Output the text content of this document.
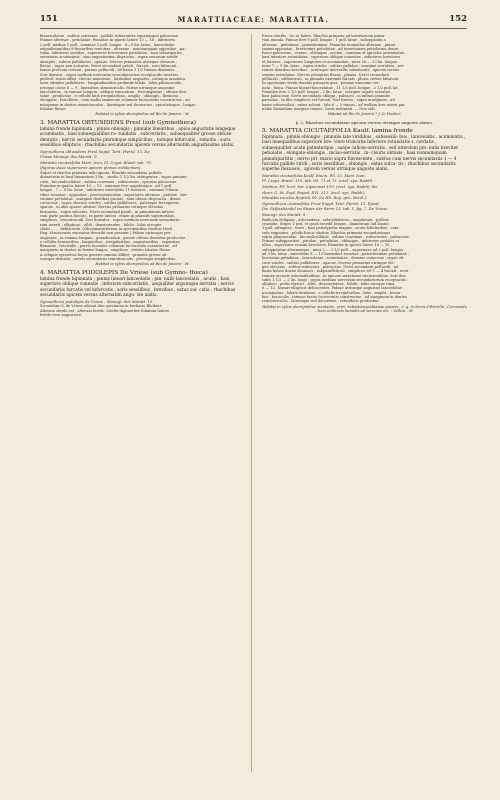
151	MARATTIACEAE: MARATTIA.	152

biauriculatae , subtus convexae , pallide rufescentes squamisque paleaceae.

Pinnae alternae , petiolatae. Pinnulae in quavis latere 13 — 16 , inferiores

2 poll. mediae 3 poll., summae 5 poll. longae , 6—9 lin. latae , lanceolatae

aequidistantibus 8-linearibus remotiae , alternae , nonnumquam oppositae , pa-

tulae, inferiores sessiles , superiores brevissime petiolatae , basi subaequales ,

serraturis acutissimis , sinu angustissimo disjunctis , supra venarum viridis

abruptis , subtus pallidiores , opacae. Nervus primarius utrinque elevatus ,

flavus , supra non sulcatus. Nervi secundarii patuli , furcati , raro bifurcati ,

laxius prorsum curvati , paruus pellucidi , ad basin 1 1/2 lineam distantes.

Sori densius , supra medium nervorum secundariorum receptaculo insertos ,

pedicel. stasis affixi , thecae immersae , latitudine aequales , utrinque annulata-

inter stitiales pallidiores , longitudinaliter profunde bilobi , lobis pilosiusculis ,

utroque clasis 6 — 9 , linearibus obtusiusculis. Paleae utriusque angustae

lanceolatae , in summo longum , oblique truncatum , ferrumgineae , obtuse den-

tatae , productae , e cellulis latis irregularibus , amplis , oblongis , flexuosis ,

elongatis , furcillosis , cum mollis immersae columnis lucescentis constructae , ad

marginem in dentes remotiusculos , laterisque sed decurrens , apiculatisque , longae

lobatae flavae.

Habitat in sylvis aboriginibus ad Rio de Janeiro : M.

3. MARATTIA OBTUSIDENS Presl (sub Gymnotheca)

lamina fronde bipinnata ; pinnis oblongis ; pinnulis linearibus , apice angustatis longeque acuminatis , basi subaequalibus ro- tundatis , subcordatis , subaequaliter grosse obtuse dentatis ; nervis secundariis plerumque simplicibus , tomque bifurcatis , remotis ; soris sessilibus ellipticis ; rhachibus secundariis apicem versus alternatim angustissime alatis.

Gymnotheca obtusidens Presl Suppl. Tent. Pterid. 15. De

Vriese Monogr. des Maratt. 9.

Marattia cicutaefolia Mart. Icon. Pl. Crypt. Brasil. tab. 70.

(figurae duae superiores apicem pinnae exhibentes).

Stipes et rhachis primaria mihi ignota. Rhachis secundaria pedalis,

diametrum in basi lineamtum 3 lin. , medio 1 1/2 lin. attingentes , supra pinnato-

culis , biconalicullatae , subtus convexae , rufescentes , sparsim paleaceae.

Pinnulae in quavis latere 10 — 13 , summae fere angulosiquo , ad 1 poll.

longae , 7 — 8 lin. latae , inferiores interstitiis 11-lineares , summae 9-linea-

ribus remotae , oppositae , percrassiusculae , superiores alternae , patulae , bre-

vissime petiolatae , marginis dentibus grossis , sinu obtuso disjunctis , dense

cortaceae , supra obscure virides , subtus pallidiores , paleisque ferrugineis

sparsis , in aliis sparse obsitae. Nervus primarius utrinque elevatus ,

brunneus , supra sulcatus. Nervi secundarii patuli , in pinnularum inferio-

rum parte postica furcati , in parte antica , etiam in pinnulis superioribus ,

simplices , remotiusculi. Sori dorsales , supra medium nervorum secundario-

rum inserti , ellipticae , alliti , densiorientes , bilobi , lobis utroque

clasis . . . . dehiscente. (Ob immaturitatem in speciminibus duobus Herb.

Reg. Monacensis exorsatas describi non possunt.) Paleae utriusque per-

angustae , in summo longum , guandicatum , grosse obtuse dentatae productae ,

e cellulis densioribus , longioribus , irregularibus , angustioribus , separatae

flexuosis , fasciculis , parvis lucentes columnis lucescentis constructae , ad

marginem in dentes in dentes longos , simplices , virides lobatae flavae.

A reliquis speciebus hujus generis omnino differt : pinnulis grosse ob-

tuseque dentatis , nervis secundariis remotiusculis , plerisque simplicibus.

Habitat in sylvis aboriginibus ad Rio de Janeiro : M.

4. MARATTIA PODOLEPIS De Vriese (sub Gymno- theca)

lamina fronde bipinnata ; pinnis lineari-lanceolatis ; pin- nulis lanceolatis , acutis , basi superiore oblique cuneatis , inferiore subcordatis , aequaliter argutoque serratis ; nervis secundariis furcatis vel bifurcatis ; soris sessilibus , brevibus , extus sul- catis ; rhachibus secundariis apicem versus alternatim angu- ste alatis.

Gymnotheca podolepis de Vriese , Monogr. des Maratt. 10.

Secundum cl. de Vriese adsunt duo specimina in herbario Bloikert.

Alterum sterile est , alterum fertile. Sterile digitaetiter foliatum latiore ,

fertile vero angustiore.

Frons sterilis , sic ut habet. Rhachis primaria ad insertionem pinna-

rum inunda. Pinnae fere 8 poll. longae , 1 poll. latae , subopposita s.

alternae , petiolatae , patentissimae. Pinnulae nonnullae alternae , pinna-

tanum oppositae , brevissime petiolatae , ad insertionem petiolorum dense

fusco-paleaceae , ovatae , oblongae , acutae , summae et apicales acuminatae ,

basi inferiore rotundatae , superiore oblique cuneatae , inferiores breviores

et latiores , superiores longiores et acuminatae ; inter 16 — 33 lin. longae ,

inter 7 — 9 lin. latae , supra virides , subtus pallidae ; margine serrulata , ser-

ratura dentibus brevibus , acutisque intervallis subalsautis , apicem versus

sensim serrulatae. Nervus primarius flavus , planus. Nervi secundarii

pellucidi , sulfinevrati , in pinnulis extremis furcati , pluris crebre bifurcati.

In speciminis fertili rhachis primaria ipsa , pennae mucrone cre-

nata , fusca. Pinnae lineari-lanceolatae , 11 1/2 poll. longae , 2 1/2 poll. lat.

Pinnulae fere 2 1/2 poll. longae , 3 lin. latae , margine argute serratae ,

basi paleaceae. Nervi secundarii obliqui , paleacei , in infimis pinnulis

parvulae , in illis simplices vel furcati. Sori breves , supra marginem , ad

basin subsessilati , extus sulcati , lobi 6 — 5 rimosi , ad trellam fere intera pin-

nulae distantiam margine remoti , basis indentati. — Non vidi.

Habitat ad Rio de Janeiro ? J. D. Hooker.

§. 2. Rhaches secundariae apicem versus utrinque anguste alatae.

5. MARATTIA CICUTAEFOLIA Kaulf. lamina fronde

bipinnata ; pinnis oblongis ; pinnulis late viridibus , subsessili- bus , lanceolatis , acuminatis , basi inaequalibus superiore bre- viore truncatis inferiore rotundatis s. cordatis , subaequaliter acute patenterque , saepe calloso-serratis , sed interdum pin- nulis breviter petiolatis , elongato-oblongis , inciso-serratis , in- cisuris obtusis , basi nonnumquam pinnatipartitis ; nervo pri- mario supra flavescente , subtus cum nervis secundariis 1 — 4 furcatis pallide viridi ; soris sessilibus , oblongis , extus sulca- tis ; rhachibus secundariis superne flexuosis , apicem versus utrinque anguste alatis.

Marattia cicutaefolia Kaulf. Enum. Fil. 32. Mart. Icon.

Pl. Crypt. Brasil. 119. tab. 69. 71 et 72. (excl. syn. Raddi).

Mettien. Fil. hort. bot. Lipsiensis 119. (excl. syn. Raddi). Bo-

ckrer. G. St. Expl. Exped. XVI. 312. (excl. syn. Raddi).

Marattia excelsa Regrich 09. (in Hb. Reg. gen. Berol.).

Gymnotheca cicutaefolia Presl Suppl. Tent. Pterid. 12. Ejusd.

Die Gefässbündel im Stipes der Farrn 13. tab. 1. fig. 7. De Vriese

Monogr. des Maratt. 9.

Radicula obliquae , adscendens , subcylindricea , angulatum , pollicis

crassitie. Stipes 1 ped. et quod excedit longus , diametrum (ad basin)

1 poll. attingens , teres , basi petiolyptilis magnis , acuto-lobularibus , cata-

cefa vaginatus , pilulis fuscis obsitus. Rhachis primaria secundariaque

supra planiusculae , biconalicullatae , subtus convexae , rufescentes , paleaceae.

Pinnae subsppositae , patulae , petiolatae , oblongae , inferiores pedales et

ultra , superiores sensim breviores. Pinnulae in quovis latere 10 — 18 ,

suboppositae alternaeque , inter 2 — 3 1/2 poll. , superiores ad 2 poll. longae ,

ad 9 lin. latae , interstitiis 8 — 12-linearibus remotae , patentissimae petiolatae ,

brevissim petiolatae , lanceolatae , acuminatae , densius coriaceae , supra ob-

cure virides , subtus pallidiores , opacae. Nervus primarius utrinque ele-

que elevatus , subtus rufescens , paleaceus. Nervi secundarii pellucidi , ad

basin bifuse lineae dicunses , subparalleliculi , simplices vel 1 — 4 furcati , recti ,

remote arcuate adscendentibus , in apicem serraturae excurrentibus. Sori den-

sales 1 1/2 — 2 lin. longi , supra medium nervorum secundariorum receptaculo

elliptico , pedis elastici , alliti , densiorientes , bilobi , lobis utroque rima

6 — 12 , lineari-ellipticis dehiscentes. Paleae utriusque angustae lanceolatae ,

acuminatae , lobato-dentatae , e cellulis irregularibus , latis , amplis , bersu-

bus , fasciculis , intense fuscis lucescentis constructae , ad marginem in dentes

remotiusculos , laterisque sed decurrens , rotundatis productae.

Habitat in sylvis aboriginibus montanis , prov. Sebastianopolitanae passim , e. g. in Serra d'Estrella , Corcovado , locis umbrosis humidis ad serrenes etc. : Sellow , M.
